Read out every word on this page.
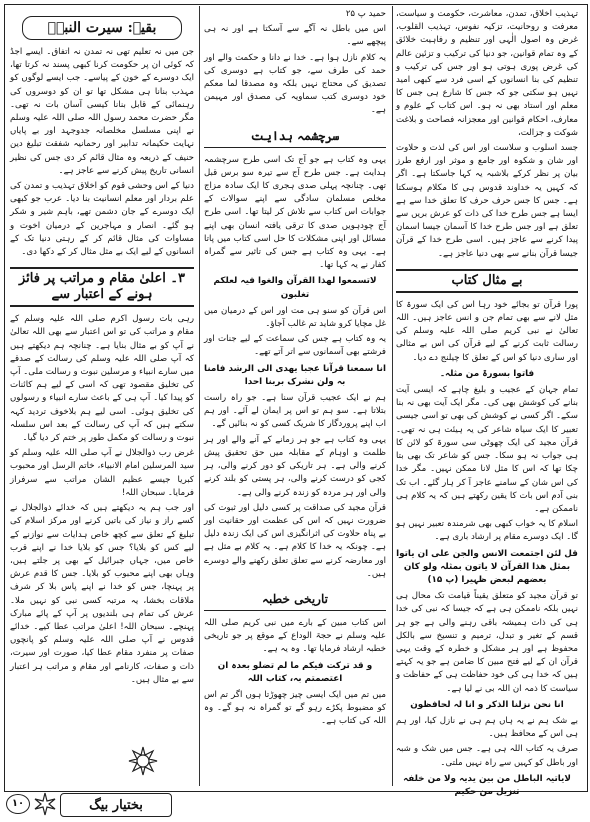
تہذیب اخلاق، تمدن، معاشرت، حکومت و سیاست، معرفت و روحانیت، تزکیہ نفوس، تہذیب القلوب، غرض وہ اصول الٰہی اور تنظیم و رفاہیت خلائق کے وہ تمام قوانین، جو دنیا کی ترکیب و تزئین عالم کی غرض پوری ہوتی ہو اور جس کی ترکیب و تنظیم کی بنا انسانوں کے اسی فرد سے کبھی امید نہیں ہو سکتی جو کہ جس کا شارع ہی جس کا معلم اور استاد بھی نہ ہو۔ اس کتاب کے علوم و معارف، احکام قوانین اور معجزانہ فصاحت و بلاغت شوکت و جزالت،

جسد اسلوب و سلاست اور اس کی لذت و حلاوت اور شان و شکوہ اور جامع و موثر اور ارفع طرز بیان پر نظر کرکے بلاشبہ یہ کہا جاسکتا ہے۔ اگر کہ کہیں یہ خداوند قدوس ہی کا مکلام ہوسکتا ہے۔ جس کا جس حرف حرف کا تعلق خدا سے ہے ایسا ہے جس طرح خدا کی ذات کو عرش بریں سے تعلق ہے اور جس طرح خدا کا آسمان جیسا اسمان پیدا کرنے سے عاجز ہیں۔ اسی طرح خدا کے قرآن جیسا قرآن بنانے سے بھی دنیا عاجز ہے۔

بے مثال کتاب

پورا قرآن تو بجائے خود رہا اس کی ایک سورۃ کا مثل لانے سے بھی تمام جن و انس عاجز ہیں۔ اللہ تعالیٰ نے نبی کریم صلی اللہ علیہ وسلم کی رسالت ثابت کرنے کے لیے قرآن کی اس بے مثالی اور ساری دنیا کو اس کے تعلق کا چیلنج دے دیا۔

فاتوا بسورۃ من مثلہ۔

تمام جہان کے عجیب و بلیغ چاہے کہ ایسی آیت بنانے کی کوشش بھی کی۔ مگر ایک آیت بھی نہ بنا سکے۔ اگر کسی نے کوشش کی بھی تو اسی جیسی تعبیر کا ایک سیاہ شاعر کی یہ ہیئت ہی نہ تھی۔ قرآن مجید کی ایک چھوٹی سی سورۃ کو لائن کا ہی جواب نہ ہو سکا۔ جس کو شاعر تک بھی بتا چکا تھا کہ اس کا مثل لانا ممکن نہیں۔ مگر خدا کی اس شان کے سامنے عاجز آ کر ہار گئے۔ اب تک بنی آدم اس بات کا یقین رکھتے ہیں کہ یہ کلام ہی ناممکن ہے۔

اسلام کا یہ خواب کبھی بھی شرمندہ تعبیر نہیں ہو گا۔ ایک دوسرے مقام پر ارشاد باری ہے۔

قل لئن اجتمعت الانس والجن علی ان یاتوا بمثل ھذا القرآن لا یاتون بمثلہ ولو کان بعضھم لبعض ظہیرا (پ ۱۵)

تو قرآن مجید کو متعلق یقیناً قیامت تک محال ہی نہیں بلکہ ناممکن ہی ہے کہ جیسا کہ نبی کی خدا ہی کی ذات ہمیشہ باقی رہنے والی ہے جو ہر قسم کے تغیر و تبدل، ترمیم و تنسیخ سے بالکل محفوظ ہے اور ہر مشکل و خطرہ کے وقت یہی قرآن ان کے لیے فتح مبین کا ضامن ہے جو یہ کہتے ہیں کہ خدا ہی کی خود حفاظت ہی کے حفاظت و سیاست کا ذمہ ان اللہ بی نے لیا ہے۔

انا نحن نزلنا الذکر و انا لہ لحافظون

بے شک ہم نے یہ ہاں ہم ہی نے نازل کیا، اور ہم ہی اس کے محافظ ہیں۔

صرف یہ کتاب اللہ ہی ہے۔ جس میں شک و شبہ اور باطل کو کہیں سے راہ نہیں ملتی۔

لایاتیہ الباطل من بین یدیہ ولا من خلفہ تنزیل من حکیم

حمید پ ۲۵

اس میں باطل نہ آگے سے آسکتا ہے اور نہ ہی پیچھے سے۔

یہ کلام نازل ہوا ہے۔ خدا نے دانا و حکمت والے اور حمد کی طرف سے، جو کتاب ہے دوسری کی تصدیق کی محتاج نہیں بلکہ وہ مصدقا لما معکم خود دوسری کتب سماویہ کی مصدق اور مہیمن ہے۔

سرچشمہ ہدایت

یہی وہ کتاب ہے جو آج تک اسی طرح سرچشمہ ہدایت ہے۔ جس طرح آج سے تیرہ سو برس قبل تھی۔ چنانچہ پہلی صدی ہجری کا ایک سادہ مزاج مخلص مسلمان سادگی سے اپنے سوالات کے جوابات اس کتاب سے تلاش کر لیتا تھا۔ اسی طرح آج چودہویں صدی کا ترقی یافتہ انسان بھی اپنے مسائل اور اپنی مشکلات کا حل اسی کتاب میں پاتا ہے۔ یہی وہ کتاب ہے جس کی تاثیر سے گمراہ کفار نے یہ کہا تھا۔

لاتسمعوا لھذا القرآن والغوا فیہ لعلکم تغلبون

اس قرآن کو سنو ہی مت اور اس کے درمیان میں غل مچایا کرو شاید تم غالب آجاؤ۔

یہ وہ کتاب ہے جس کی سماعت کے لیے جنات اور فرشتے بھی آسمانوں سے اتر آتے تھے۔

انا سمعنا قرآنا عجبا یھدی الی الرشد فامنا بہ ولن نشرک بربنا احدا

ہم نے ایک عجیب قرآن سنا ہے۔ جو راہ راست بتلاتا ہے۔ سو ہم تو اس پر ایمان لے آئے۔ اور ہم اب اپنے پروردگار کا شریک کسی کو نہ بنائیں گے۔

یہی وہ کتاب ہے جو ہر زمانے کے آنے والے اور ہر ظلمت و اوہام کے مقابلہ میں حق تحقیق پیش کرنے والی ہے۔ ہر تاریکی کو دور کرنے والی، ہر کجی کو درست کرنے والی، ہر پستی کو بلند کرنے والی اور ہر مردہ کو زندہ کرنے والی ہے۔

قرآن مجید کی صداقت پر کسی دلیل اور ثبوت کی ضرورت نہیں کہ اس کی عظمت اور حقانیت اور بے پناہ حلاوت کی اثرانگیزی اس کی ایک زندہ دلیل ہے۔ چونکہ یہ خدا کا کلام ہے۔ یہ کلام بے مثل ہے اور معارضہ کرنے سے تعلق تعلق رکھنے والے دوسرے ہیں۔

تاریخی خطبہ

اس کتاب مبین کے بارے میں نبی کریم صلی اللہ علیہ وسلم نے حجۃ الوداع کے موقع پر جو تاریخی خطبہ ارشاد فرمایا تھا۔ وہ یہ ہے۔

و قد ترکت فیکم ما لم تضلو بعدہ ان اعتصمتم بہ، کتاب اللہ

میں تم میں ایک ایسی چیز چھوڑتا ہوں اگر تم اس کو مضبوط پکڑے رہو گے تو گمراہ نہ ہو گے۔ وہ اللہ کی کتاب ہے۔

بقیہ: سیرت النبیؐ

جن میں نہ تعلیم تھی نہ تمدن نہ اتفاق۔ ایسے اجڈ کہ کوئی ان پر حکومت کرنا کبھی پسند نہ کرتا تھا، ایک دوسرے کے خون کے پیاسے۔ جب ایسے لوگوں کو مہذب بنانا ہی مشکل تھا تو ان کو دوسروں کی رہنمائی کے قابل بنانا کیسی آسان بات نہ تھی۔ مگر حضرت محمد رسول اللہ صلی اللہ علیہ وسلم نے اپنی مسلسل مخلصانہ جدوجہد اور بے پایاں نہایت حکیمانہ تدابیر اور رحمانیہ شفقت تبلیغ دین حنیف کے ذریعہ وہ مثال قائم کر دی جس کی نظیر انسانی تاریخ پیش کرنے سے عاجز ہے۔

دنیا کے اس وحشی قوم کو اخلاق تہذیب و تمدن کی علم بردار اور معلم انسانیت بنا دیا۔ عرب جو کبھی ایک دوسرے کے جان دشمن تھے، باہم شیر و شکر ہو گئے۔ انصار و مہاجرین کے درمیان اخوت و مساوات کی مثال قائم کر کے رہتی دنیا تک کے انسانوں کے لیے ایک بے مثل مثال کر کے دکھا دی۔

۳۔ اعلیٰ مقام و مراتب پر فائز ہونے کے اعتبار سے

رہی بات رسول اکرم صلی اللہ علیہ وسلم کے مقام و مراتب کی تو اس اعتبار سے بھی اللہ تعالیٰ نے آپ کو بے مثال بنایا ہے۔ چنانچہ ہم دیکھتے ہیں کہ آپ صلی اللہ علیہ وسلم کی رسالت کے صدقے میں سارے انبیاء و مرسلین نبوت و رسالت ملی۔ آپ کی تخلیق مقصود تھی کہ اسی کے لیے ہم کائنات کو پیدا کیا۔ آپ ہی کے باعث سارے انبیاء و رسولوں کی تخلیق ہوئی۔ اسی لیے ہم بلاخوف تردید کہہ سکتے ہیں کہ آپ کی رسالت کے بعد اس سلسلہ نبوت و رسالت کو مکمل طور پر ختم کر دیا گیا۔

غرض رب ذوالجلال نے آپ صلی اللہ علیہ وسلم کو سید المرسلین امام الانبیاء، خاتم الرسل اور محبوب کبریا جیسے عظیم الشان مراتب سے سرفراز فرمایا۔ سبحان اللہ!

اور جب ہم یہ دیکھتے ہیں کہ خدائے ذوالجلال نے کسے راز و نیاز کی باتیں کرنے اور مرکز اسلام کی تبلیغ کے تعلق سے کچھ خاص ہدایات سے نوازنے کے لیے کس کو بلایا؟ جس کو بلایا خدا نے اپنے قرب خاص میں، جہاں جبرائیل کے بھی پر جلتے ہیں، وہاں بھی اپنے محبوب کو بلایا۔ جس کا قدم عرش پر پہنچا، جس کو خدا نے اپنے پاس بلا کر شرف ملاقات بخشا، یہ مرتبہ کسی نبی کو نہیں ملا۔ عرش کی تمام ہی بلندیوں پر آپ کے پائے مبارک پہنچے۔ سبحان اللہ! اعلیٰ مراتب عطا کیے۔ خدائے قدوس نے آپ صلی اللہ علیہ وسلم کو پانچوں صفات پر منفرد مقام عطا کیا، صورت اور سیرت، ذات و صفات، کارنامے اور مقام و مراتب ہر اعتبار سے بے مثال ہیں۔

۱۰	بختیار بیگ
